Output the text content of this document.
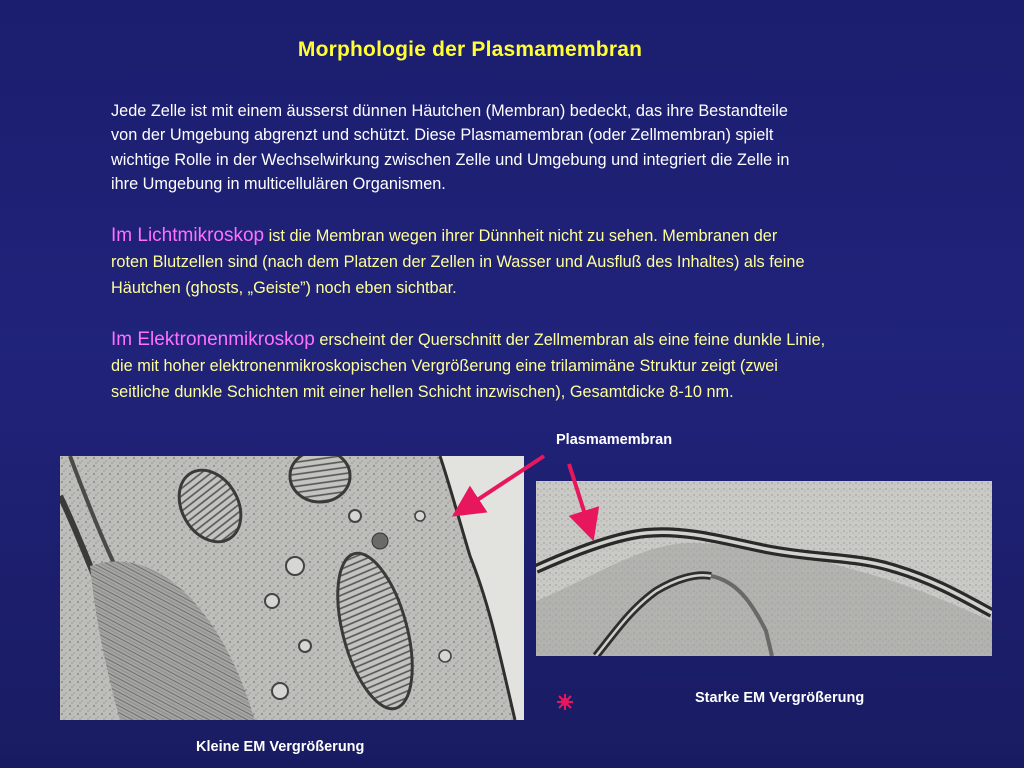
Morphologie der Plasmamembran
Jede Zelle ist mit einem äusserst dünnen Häutchen (Membran) bedeckt, das ihre Bestandteile
von der Umgebung abgrenzt und schützt. Diese Plasmamembran (oder Zellmembran) spielt
wichtige Rolle in der Wechselwirkung zwischen Zelle und Umgebung und integriert die Zelle in
ihre Umgebung in multicellulären Organismen.
Im Lichtmikroskop ist die Membran wegen ihrer Dünnheit nicht zu sehen. Membranen der
roten Blutzellen sind (nach dem Platzen der Zellen in Wasser und Ausfluß des Inhaltes) als feine
Häutchen (ghosts, „Geiste”) noch eben sichtbar.
Im Elektronenmikroskop erscheint der Querschnitt der Zellmembran als eine feine dunkle Linie,
die mit hoher elektronenmikroskopischen Vergrößerung eine trilamimäne Struktur zeigt (zwei
seitliche dunkle Schichten mit einer hellen Schicht inzwischen), Gesamtdicke 8-10 nm.
Plasmamembran
Starke EM Vergrößerung
Kleine EM Vergrößerung
